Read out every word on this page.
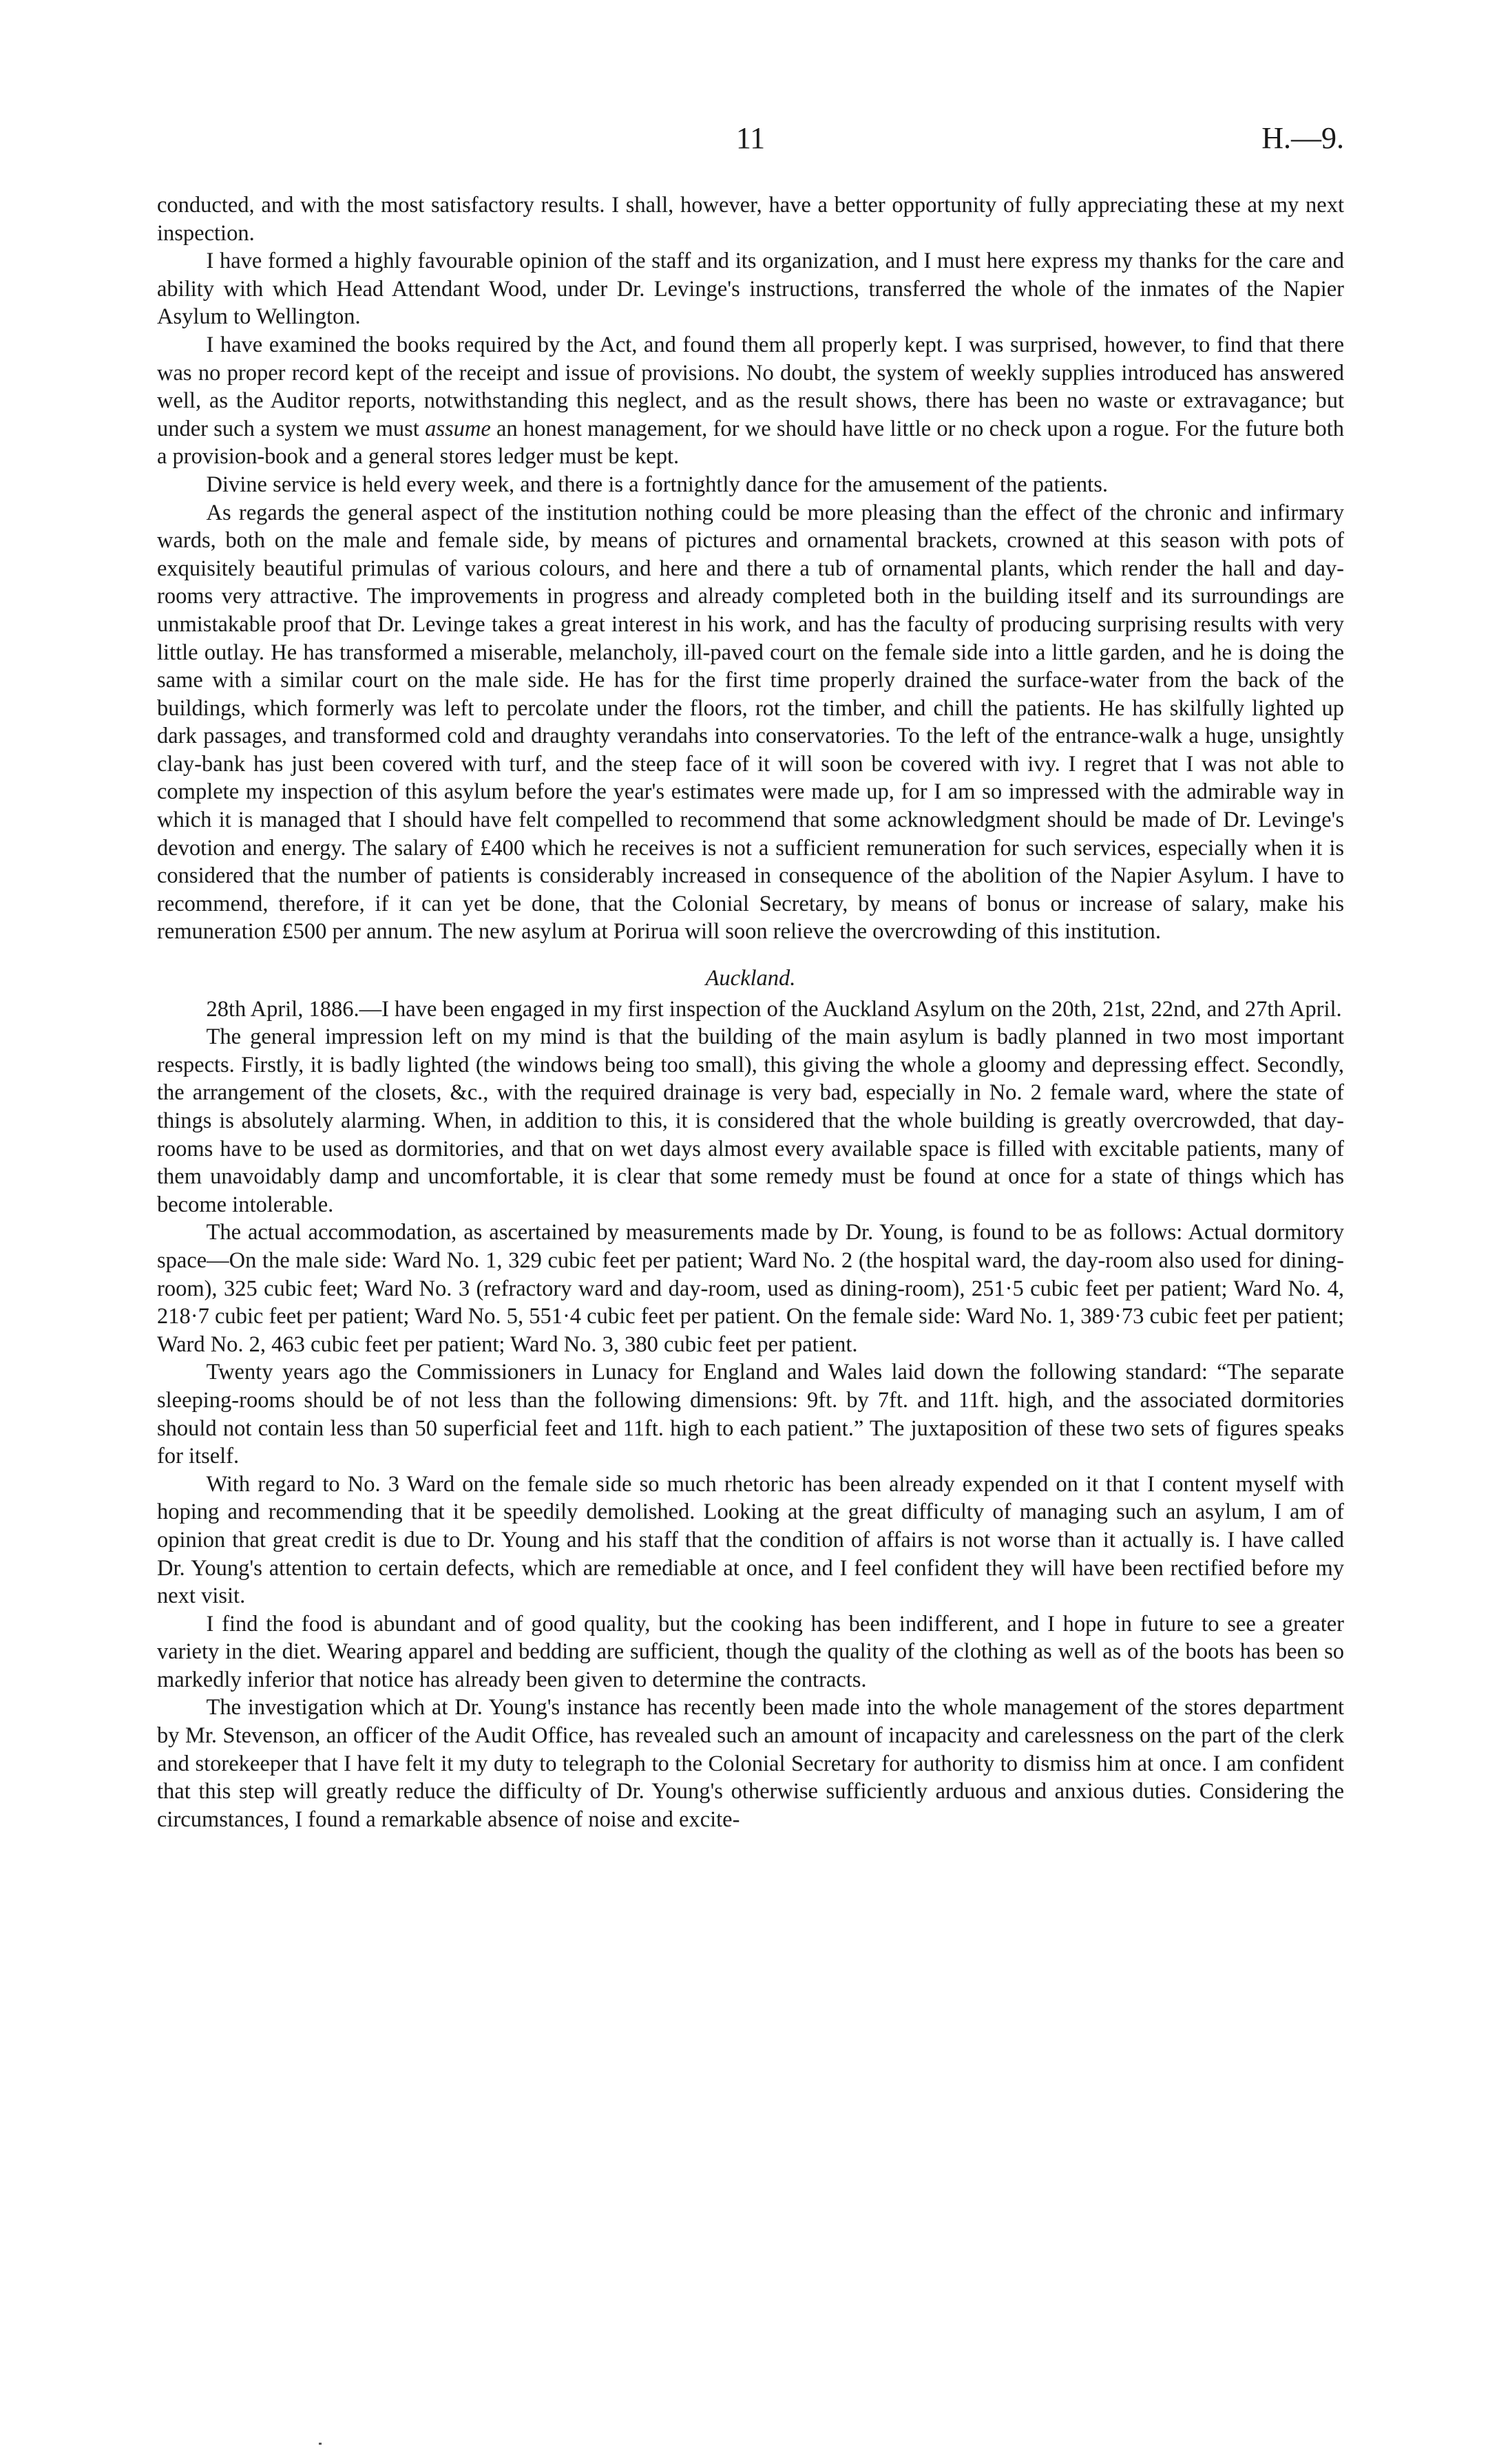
11	H.—9.

conducted, and with the most satisfactory results. I shall, however, have a better opportunity of fully appreciating these at my next inspection.

I have formed a highly favourable opinion of the staff and its organization, and I must here express my thanks for the care and ability with which Head Attendant Wood, under Dr. Levinge's instructions, transferred the whole of the inmates of the Napier Asylum to Wellington.

I have examined the books required by the Act, and found them all properly kept. I was surprised, however, to find that there was no proper record kept of the receipt and issue of provisions. No doubt, the system of weekly supplies introduced has answered well, as the Auditor reports, notwithstanding this neglect, and as the result shows, there has been no waste or extravagance; but under such a system we must assume an honest management, for we should have little or no check upon a rogue. For the future both a provision-book and a general stores ledger must be kept.

Divine service is held every week, and there is a fortnightly dance for the amusement of the patients.

As regards the general aspect of the institution nothing could be more pleasing than the effect of the chronic and infirmary wards, both on the male and female side, by means of pictures and ornamental brackets, crowned at this season with pots of exquisitely beautiful primulas of various colours, and here and there a tub of ornamental plants, which render the hall and day-rooms very attractive. The improvements in progress and already completed both in the building itself and its surroundings are unmistakable proof that Dr. Levinge takes a great interest in his work, and has the faculty of producing surprising results with very little outlay. He has transformed a miserable, melancholy, ill-paved court on the female side into a little garden, and he is doing the same with a similar court on the male side. He has for the first time properly drained the surface-water from the back of the buildings, which formerly was left to percolate under the floors, rot the timber, and chill the patients. He has skilfully lighted up dark passages, and transformed cold and draughty verandahs into conservatories. To the left of the entrance-walk a huge, unsightly clay-bank has just been covered with turf, and the steep face of it will soon be covered with ivy. I regret that I was not able to complete my inspection of this asylum before the year's estimates were made up, for I am so impressed with the admirable way in which it is managed that I should have felt compelled to recommend that some acknowledgment should be made of Dr. Levinge's devotion and energy. The salary of £400 which he receives is not a sufficient remuneration for such services, especially when it is considered that the number of patients is considerably increased in consequence of the abolition of the Napier Asylum. I have to recommend, therefore, if it can yet be done, that the Colonial Secretary, by means of bonus or increase of salary, make his remuneration £500 per annum. The new asylum at Porirua will soon relieve the overcrowding of this institution.

Auckland.

28th April, 1886.—I have been engaged in my first inspection of the Auckland Asylum on the 20th, 21st, 22nd, and 27th April.

The general impression left on my mind is that the building of the main asylum is badly planned in two most important respects. Firstly, it is badly lighted (the windows being too small), this giving the whole a gloomy and depressing effect. Secondly, the arrangement of the closets, &c., with the required drainage is very bad, especially in No. 2 female ward, where the state of things is absolutely alarming. When, in addition to this, it is considered that the whole building is greatly overcrowded, that day-rooms have to be used as dormitories, and that on wet days almost every available space is filled with excitable patients, many of them unavoidably damp and uncomfortable, it is clear that some remedy must be found at once for a state of things which has become intolerable.

The actual accommodation, as ascertained by measurements made by Dr. Young, is found to be as follows: Actual dormitory space—On the male side: Ward No. 1, 329 cubic feet per patient; Ward No. 2 (the hospital ward, the day-room also used for dining-room), 325 cubic feet; Ward No. 3 (refractory ward and day-room, used as dining-room), 251·5 cubic feet per patient; Ward No. 4, 218·7 cubic feet per patient; Ward No. 5, 551·4 cubic feet per patient. On the female side: Ward No. 1, 389·73 cubic feet per patient; Ward No. 2, 463 cubic feet per patient; Ward No. 3, 380 cubic feet per patient.

Twenty years ago the Commissioners in Lunacy for England and Wales laid down the following standard: “The separate sleeping-rooms should be of not less than the following dimensions: 9ft. by 7ft. and 11ft. high, and the associated dormitories should not contain less than 50 superficial feet and 11ft. high to each patient.” The juxtaposition of these two sets of figures speaks for itself.

With regard to No. 3 Ward on the female side so much rhetoric has been already expended on it that I content myself with hoping and recommending that it be speedily demolished. Looking at the great difficulty of managing such an asylum, I am of opinion that great credit is due to Dr. Young and his staff that the condition of affairs is not worse than it actually is. I have called Dr. Young's attention to certain defects, which are remediable at once, and I feel confident they will have been rectified before my next visit.

I find the food is abundant and of good quality, but the cooking has been indifferent, and I hope in future to see a greater variety in the diet. Wearing apparel and bedding are sufficient, though the quality of the clothing as well as of the boots has been so markedly inferior that notice has already been given to determine the contracts.

The investigation which at Dr. Young's instance has recently been made into the whole management of the stores department by Mr. Stevenson, an officer of the Audit Office, has revealed such an amount of incapacity and carelessness on the part of the clerk and storekeeper that I have felt it my duty to telegraph to the Colonial Secretary for authority to dismiss him at once. I am confident that this step will greatly reduce the difficulty of Dr. Young's otherwise sufficiently arduous and anxious duties. Considering the circumstances, I found a remarkable absence of noise and excite-
